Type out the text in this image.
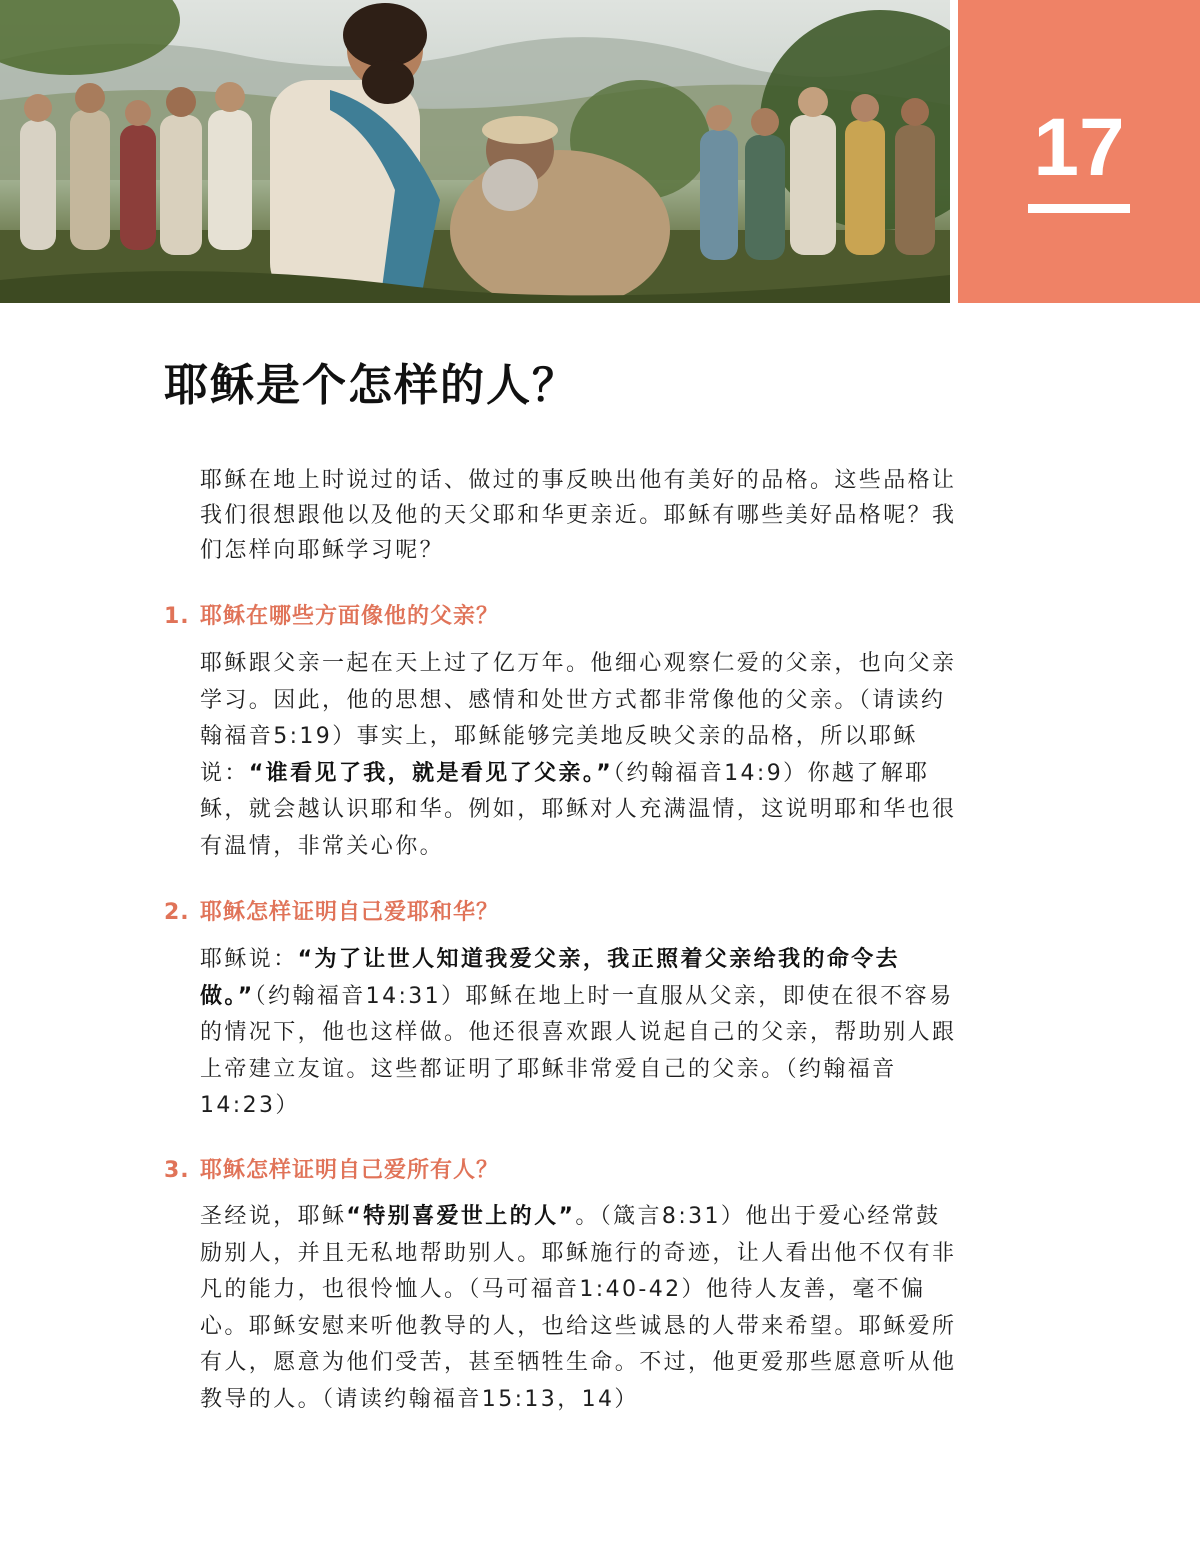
17
耶稣是个怎样的人？

耶稣在地上时说过的话、做过的事反映出他有美好的品格。这些品格让我们很想跟他以及他的天父耶和华更亲近。耶稣有哪些美好品格呢？我们怎样向耶稣学习呢？

1. 耶稣在哪些方面像他的父亲？

耶稣跟父亲一起在天上过了亿万年。他细心观察仁爱的父亲，也向父亲学习。因此，他的思想、感情和处世方式都非常像他的父亲。（请读约翰福音5:19）事实上，耶稣能够完美地反映父亲的品格，所以耶稣说：“谁看见了我，就是看见了父亲。”（约翰福音14:9）你越了解耶稣，就会越认识耶和华。例如，耶稣对人充满温情，这说明耶和华也很有温情，非常关心你。

2. 耶稣怎样证明自己爱耶和华？

耶稣说：“为了让世人知道我爱父亲，我正照着父亲给我的命令去做。”（约翰福音14:31）耶稣在地上时一直服从父亲，即使在很不容易的情况下，他也这样做。他还很喜欢跟人说起自己的父亲，帮助别人跟上帝建立友谊。这些都证明了耶稣非常爱自己的父亲。（约翰福音14:23）

3. 耶稣怎样证明自己爱所有人？

圣经说，耶稣“特别喜爱世上的人”。（箴言8:31）他出于爱心经常鼓励别人，并且无私地帮助别人。耶稣施行的奇迹，让人看出他不仅有非凡的能力，也很怜恤人。（马可福音1:40-42）他待人友善，毫不偏心。耶稣安慰来听他教导的人，也给这些诚恳的人带来希望。耶稣爱所有人，愿意为他们受苦，甚至牺牲生命。不过，他更爱那些愿意听从他教导的人。（请读约翰福音15:13，14）
